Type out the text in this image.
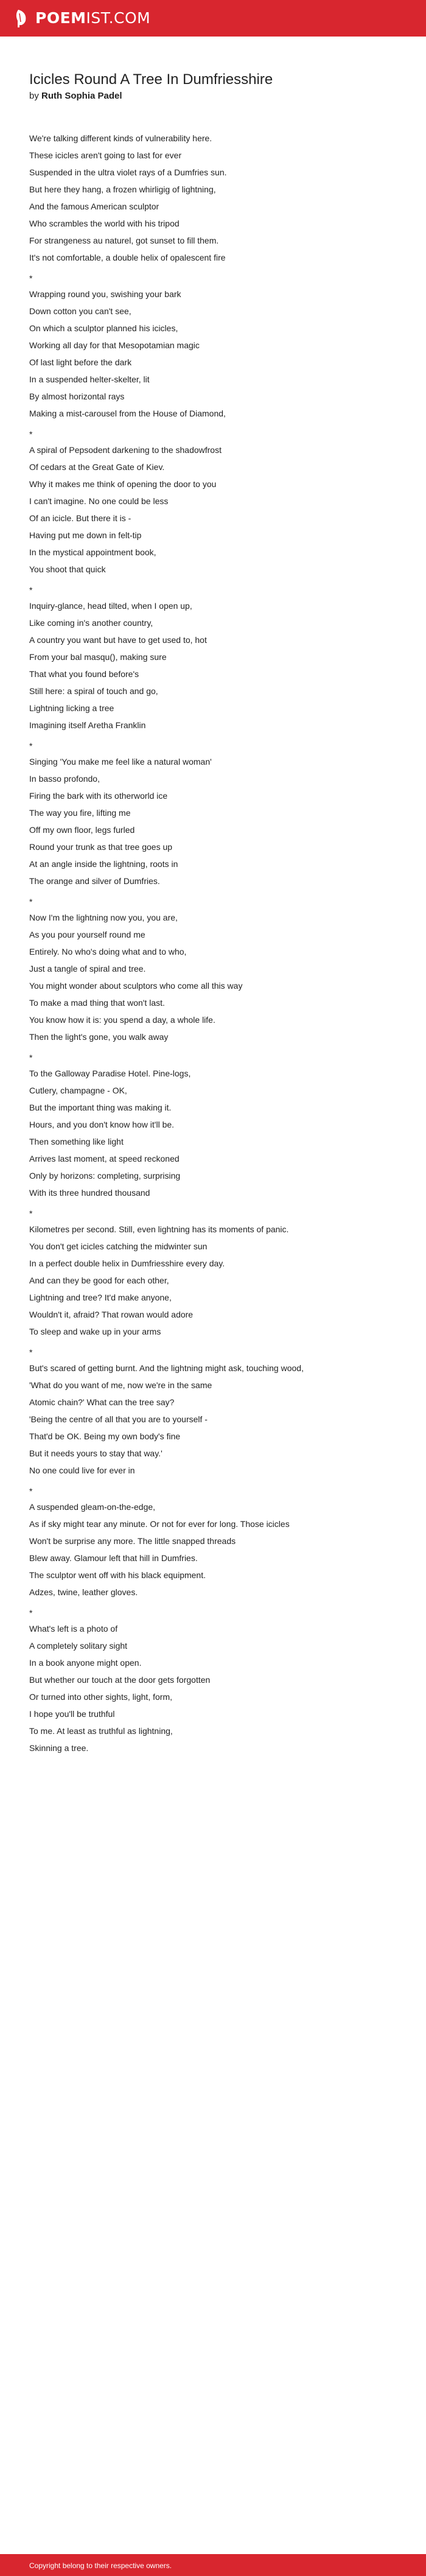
POEMIST.COM
Icicles Round A Tree In Dumfriesshire

by Ruth Sophia Padel

We're talking different kinds of vulnerability here.
These icicles aren't going to last for ever
Suspended in the ultra violet rays of a Dumfries sun.
But here they hang, a frozen whirligig of lightning,
And the famous American sculptor
Who scrambles the world with his tripod
For strangeness au naturel, got sunset to fill them.
It's not comfortable, a double helix of opalescent fire
*
Wrapping round you, swishing your bark
Down cotton you can't see,
On which a sculptor planned his icicles,
Working all day for that Mesopotamian magic
Of last light before the dark
In a suspended helter-skelter, lit
By almost horizontal rays
Making a mist-carousel from the House of Diamond,
*
A spiral of Pepsodent darkening to the shadowfrost
Of cedars at the Great Gate of Kiev.
Why it makes me think of opening the door to you
I can't imagine. No one could be less
Of an icicle. But there it is -
Having put me down in felt-tip
In the mystical appointment book,
You shoot that quick
*
Inquiry-glance, head tilted, when I open up,
Like coming in's another country,
A country you want but have to get used to, hot
From your bal masqu(), making sure
That what you found before's
Still here: a spiral of touch and go,
Lightning licking a tree
Imagining itself Aretha Franklin
*
Singing 'You make me feel like a natural woman'
In basso profondo,
Firing the bark with its otherworld ice
The way you fire, lifting me
Off my own floor, legs furled
Round your trunk as that tree goes up
At an angle inside the lightning, roots in
The orange and silver of Dumfries.
*
Now I'm the lightning now you, you are,
As you pour yourself round me
Entirely. No who's doing what and to who,
Just a tangle of spiral and tree.
You might wonder about sculptors who come all this way
To make a mad thing that won't last.
You know how it is: you spend a day, a whole life.
Then the light's gone, you walk away
*
To the Galloway Paradise Hotel. Pine-logs,
Cutlery, champagne - OK,
But the important thing was making it.
Hours, and you don't know how it'll be.
Then something like light
Arrives last moment, at speed reckoned
Only by horizons: completing, surprising
With its three hundred thousand
*
Kilometres per second. Still, even lightning has its moments of panic.
You don't get icicles catching the midwinter sun
In a perfect double helix in Dumfriesshire every day.
And can they be good for each other,
Lightning and tree? It'd make anyone,
Wouldn't it, afraid? That rowan would adore
To sleep and wake up in your arms
*
But's scared of getting burnt. And the lightning might ask, touching wood,
'What do you want of me, now we're in the same
Atomic chain?' What can the tree say?
'Being the centre of all that you are to yourself -
That'd be OK. Being my own body's fine
But it needs yours to stay that way.'
No one could live for ever in
*
A suspended gleam-on-the-edge,
As if sky might tear any minute. Or not for ever for long. Those icicles
Won't be surprise any more. The little snapped threads
Blew away. Glamour left that hill in Dumfries.
The sculptor went off with his black equipment.
Adzes, twine, leather gloves.
*
What's left is a photo of
A completely solitary sight
In a book anyone might open.
But whether our touch at the door gets forgotten
Or turned into other sights, light, form,
I hope you'll be truthful
To me. At least as truthful as lightning,
Skinning a tree.
Copyright belong to their respective owners.
